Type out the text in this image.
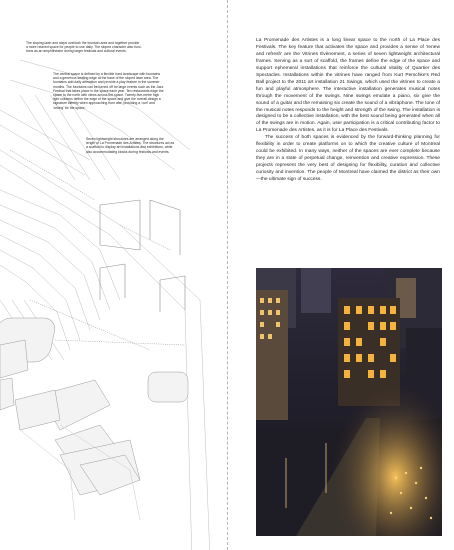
The sloping lawn and steps overlook the fountain area and together provide
a more relaxed space for people to use daily. The sloped character also func-
tions as an amphitheatre during larger festivals and cultural events.
The central space is defined by a flexible hard landscape with fountains
and a generous seating edge at the base of the sloped lawn area. The
fountains add daily animation and provide a play feature in the summer
months. The fountains can be turned off for large events such as the Jazz
Festival that takes place in the space each year. Ten restaurants edge the
space to the north with views across the space. Twenty-five-metre high
light columns define the edge of the space and give the overall design a
signature identity when approaching from afar, providing a 'roof' and
'ceiling' for the space.
Seven lightweight structures are arranged along the
length of La Promenade des Artistes. The structures act as
a scaffold to display art installations and exhibitions, while
also accommodating kiosks during festivals and events.

La Promenade des Artistes is a long linear space to the north of La Place des Festivals. The key feature that activates the space and provides a sense of 'renew and refresh' are the Vitrines Évènement, a series of seven lightweight architectural frames. Serving as a sort of scaffold, the frames define the edge of the space and support ephemeral installations that reinforce the cultural vitality of Quartier des Spectacles. Installations within the vitrines have ranged from Kurt Perschke's Red Ball project to the 2011 art installation 21 Swings, which used the vitrines to create a fun and playful atmosphere. The interactive installation generates musical notes through the movement of the swings. Nine swings emulate a piano, six give the sound of a guitar and the remaining six create the sound of a vibraphone. The tone of the musical notes responds to the height and strength of the swing. The installation is designed to be a collective installation, with the best sound being generated when all of the swings are in motion. Again, user participation is a critical contributing factor to La Promenade des Artistes, as it is for La Place des Festivals.

The success of both spaces is evidenced by the forward-thinking planning for flexibility in order to create platforms on to which the creative culture of Montreal could be exhibited. In many ways, neither of the spaces are ever complete because they are in a state of perpetual change, reinvention and creative expression. These projects represent the very best of designing for flexibility, curation and collective curiosity and invention. The people of Montreal have claimed the district as their own—the ultimate sign of success.
